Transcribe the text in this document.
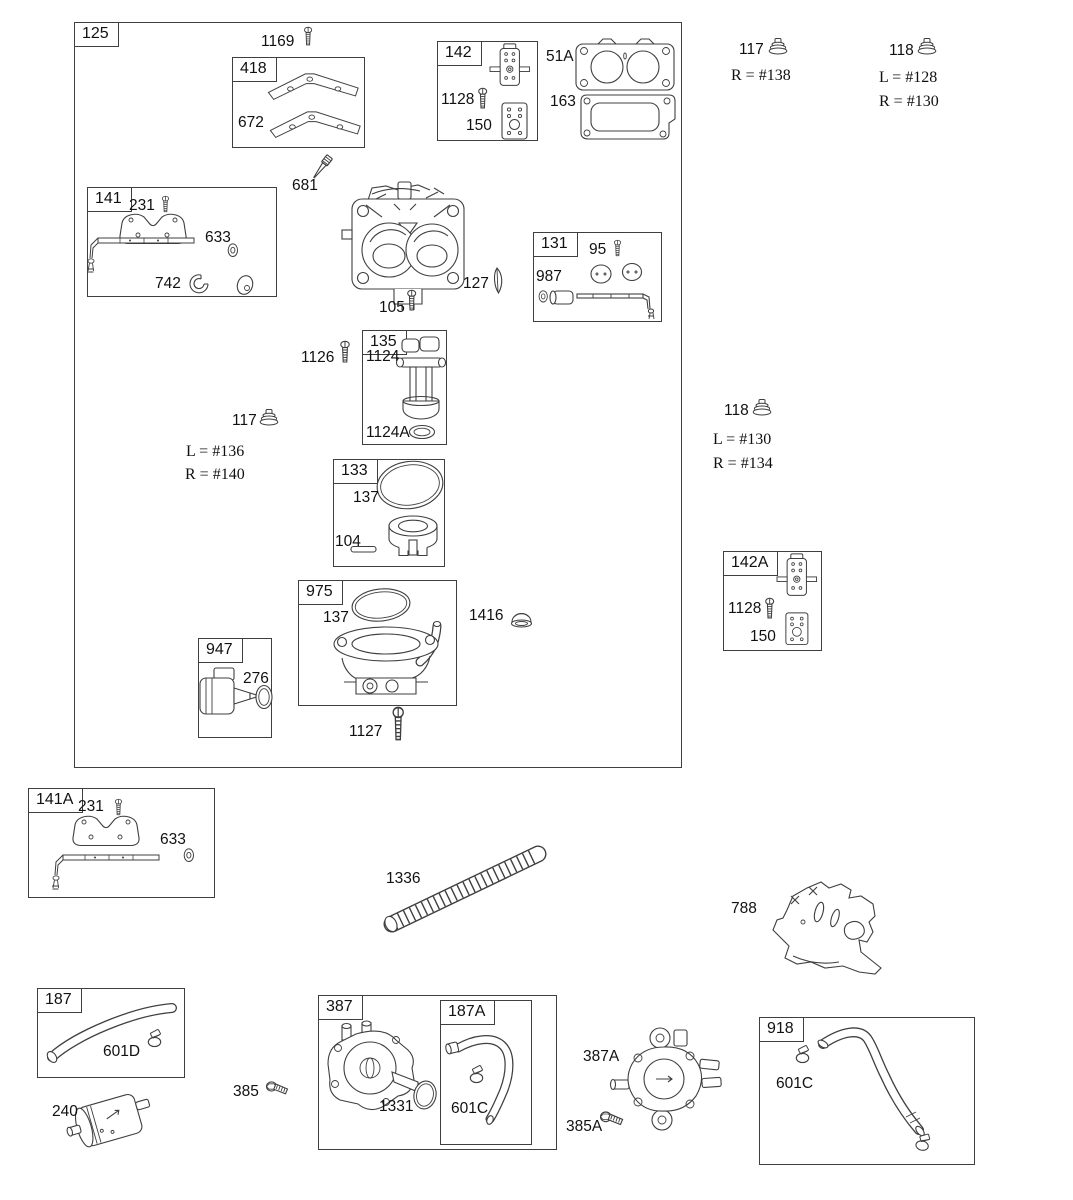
125
418
142
141
131
135
133
975
947
142A
141A
187	387	187A
918
1169
672
1128
150
51A
163
681
231
633
742	127
105
95
987
1126 1124
1124A
137
104
137	1416
276
1127
1128
150
231
633
1336
788
601D
240
385
1331 601C
387A
385A
601C
117
R = #138
118
L = #128
R = #130
117
L = #136
R = #140
118
L = #130
R = #134
